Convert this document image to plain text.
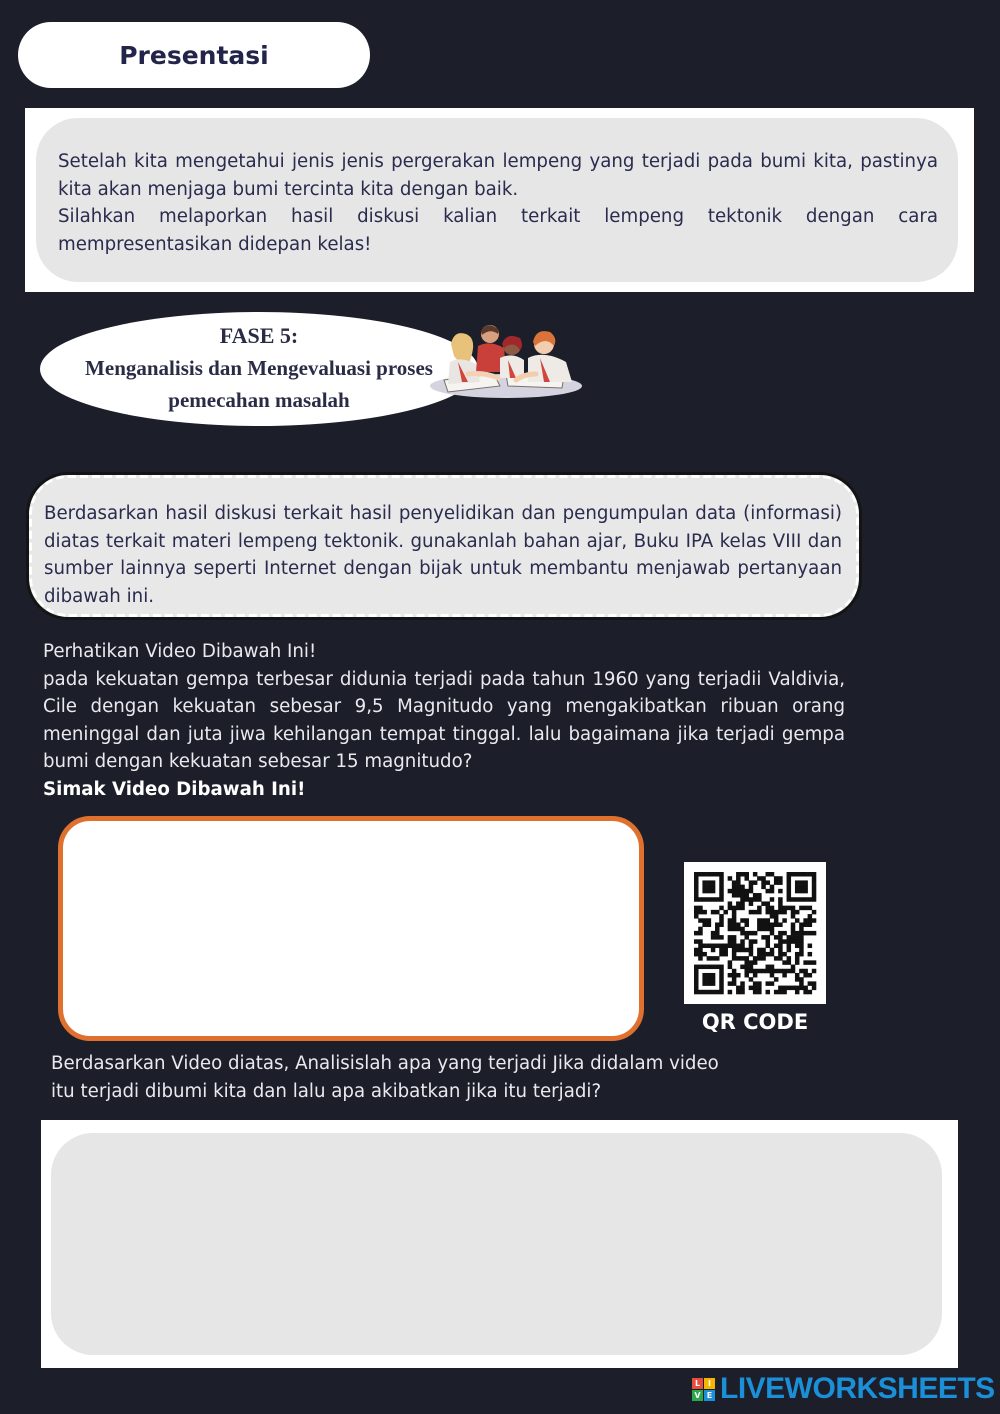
Presentasi
Setelah kita mengetahui jenis jenis pergerakan lempeng yang terjadi pada bumi kita, pastinya kita akan menjaga bumi tercinta kita dengan baik.
Silahkan melaporkan hasil diskusi kalian terkait lempeng tektonik dengan cara mempresentasikan didepan kelas!
FASE 5:
Menganalisis dan Mengevaluasi proses
pemecahan masalah
Berdasarkan hasil diskusi terkait hasil penyelidikan dan pengumpulan data (informasi) diatas terkait materi lempeng tektonik. gunakanlah bahan ajar, Buku IPA kelas VIII dan sumber lainnya seperti Internet dengan bijak untuk membantu menjawab pertanyaan dibawah ini.
Perhatikan Video Dibawah Ini!
pada kekuatan gempa terbesar didunia terjadi pada tahun 1960 yang terjadii Valdivia, Cile dengan kekuatan sebesar 9,5 Magnitudo yang mengakibatkan ribuan orang meninggal dan juta jiwa kehilangan tempat tinggal. lalu bagaimana jika terjadi gempa bumi dengan kekuatan sebesar 15 magnitudo?
Simak Video Dibawah Ini!
QR CODE
Berdasarkan Video diatas, Analisislah apa yang terjadi Jika didalam video itu terjadi dibumi kita dan lalu apa akibatkan jika itu terjadi?
L I
V E LIVEWORKSHEETS
